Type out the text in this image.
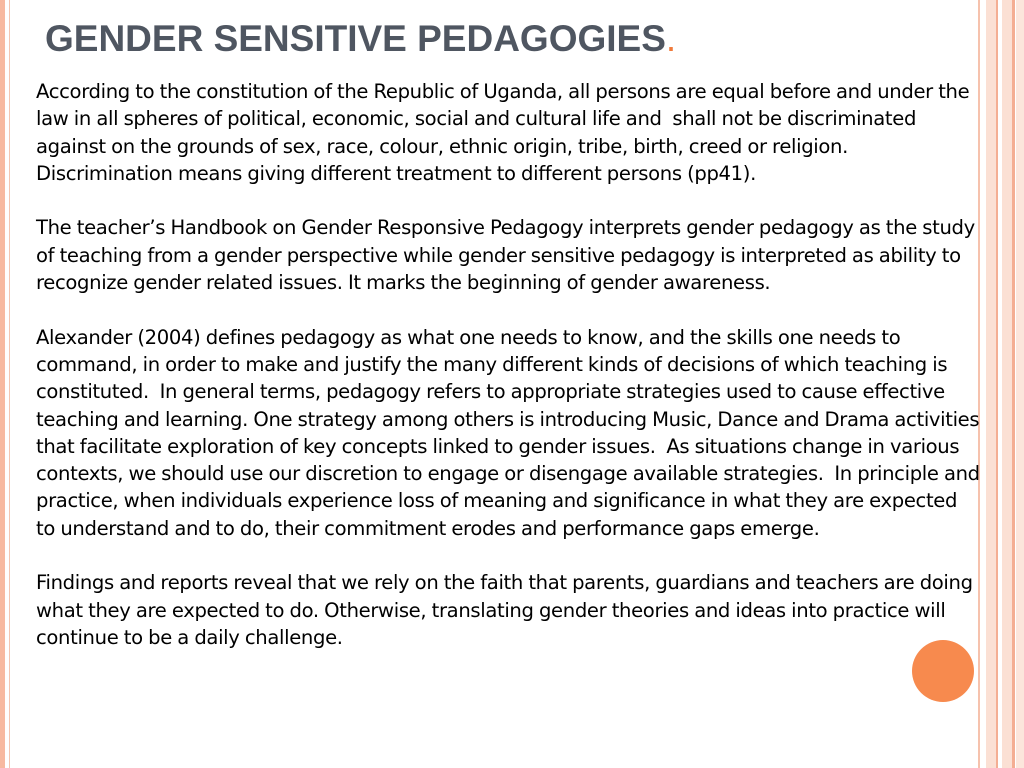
GENDER SENSITIVE PEDAGOGIES.

According to the constitution of the Republic of Uganda, all persons are equal before and under the law in all spheres of political, economic, social and cultural life and  shall not be discriminated against on the grounds of sex, race, colour, ethnic origin, tribe, birth, creed or religion.

Discrimination means giving different treatment to different persons (pp41).

The teacher’s Handbook on Gender Responsive Pedagogy interprets gender pedagogy as the study of teaching from a gender perspective while gender sensitive pedagogy is interpreted as ability to recognize gender related issues. It marks the beginning of gender awareness.

Alexander (2004) defines pedagogy as what one needs to know, and the skills one needs to command, in order to make and justify the many different kinds of decisions of which teaching is constituted.  In general terms, pedagogy refers to appropriate strategies used to cause effective teaching and learning. One strategy among others is introducing Music, Dance and Drama activities that facilitate exploration of key concepts linked to gender issues.  As situations change in various contexts, we should use our discretion to engage or disengage available strategies.  In principle and practice, when individuals experience loss of meaning and significance in what they are expected to understand and to do, their commitment erodes and performance gaps emerge.

Findings and reports reveal that we rely on the faith that parents, guardians and teachers are doing what they are expected to do. Otherwise, translating gender theories and ideas into practice will continue to be a daily challenge.
